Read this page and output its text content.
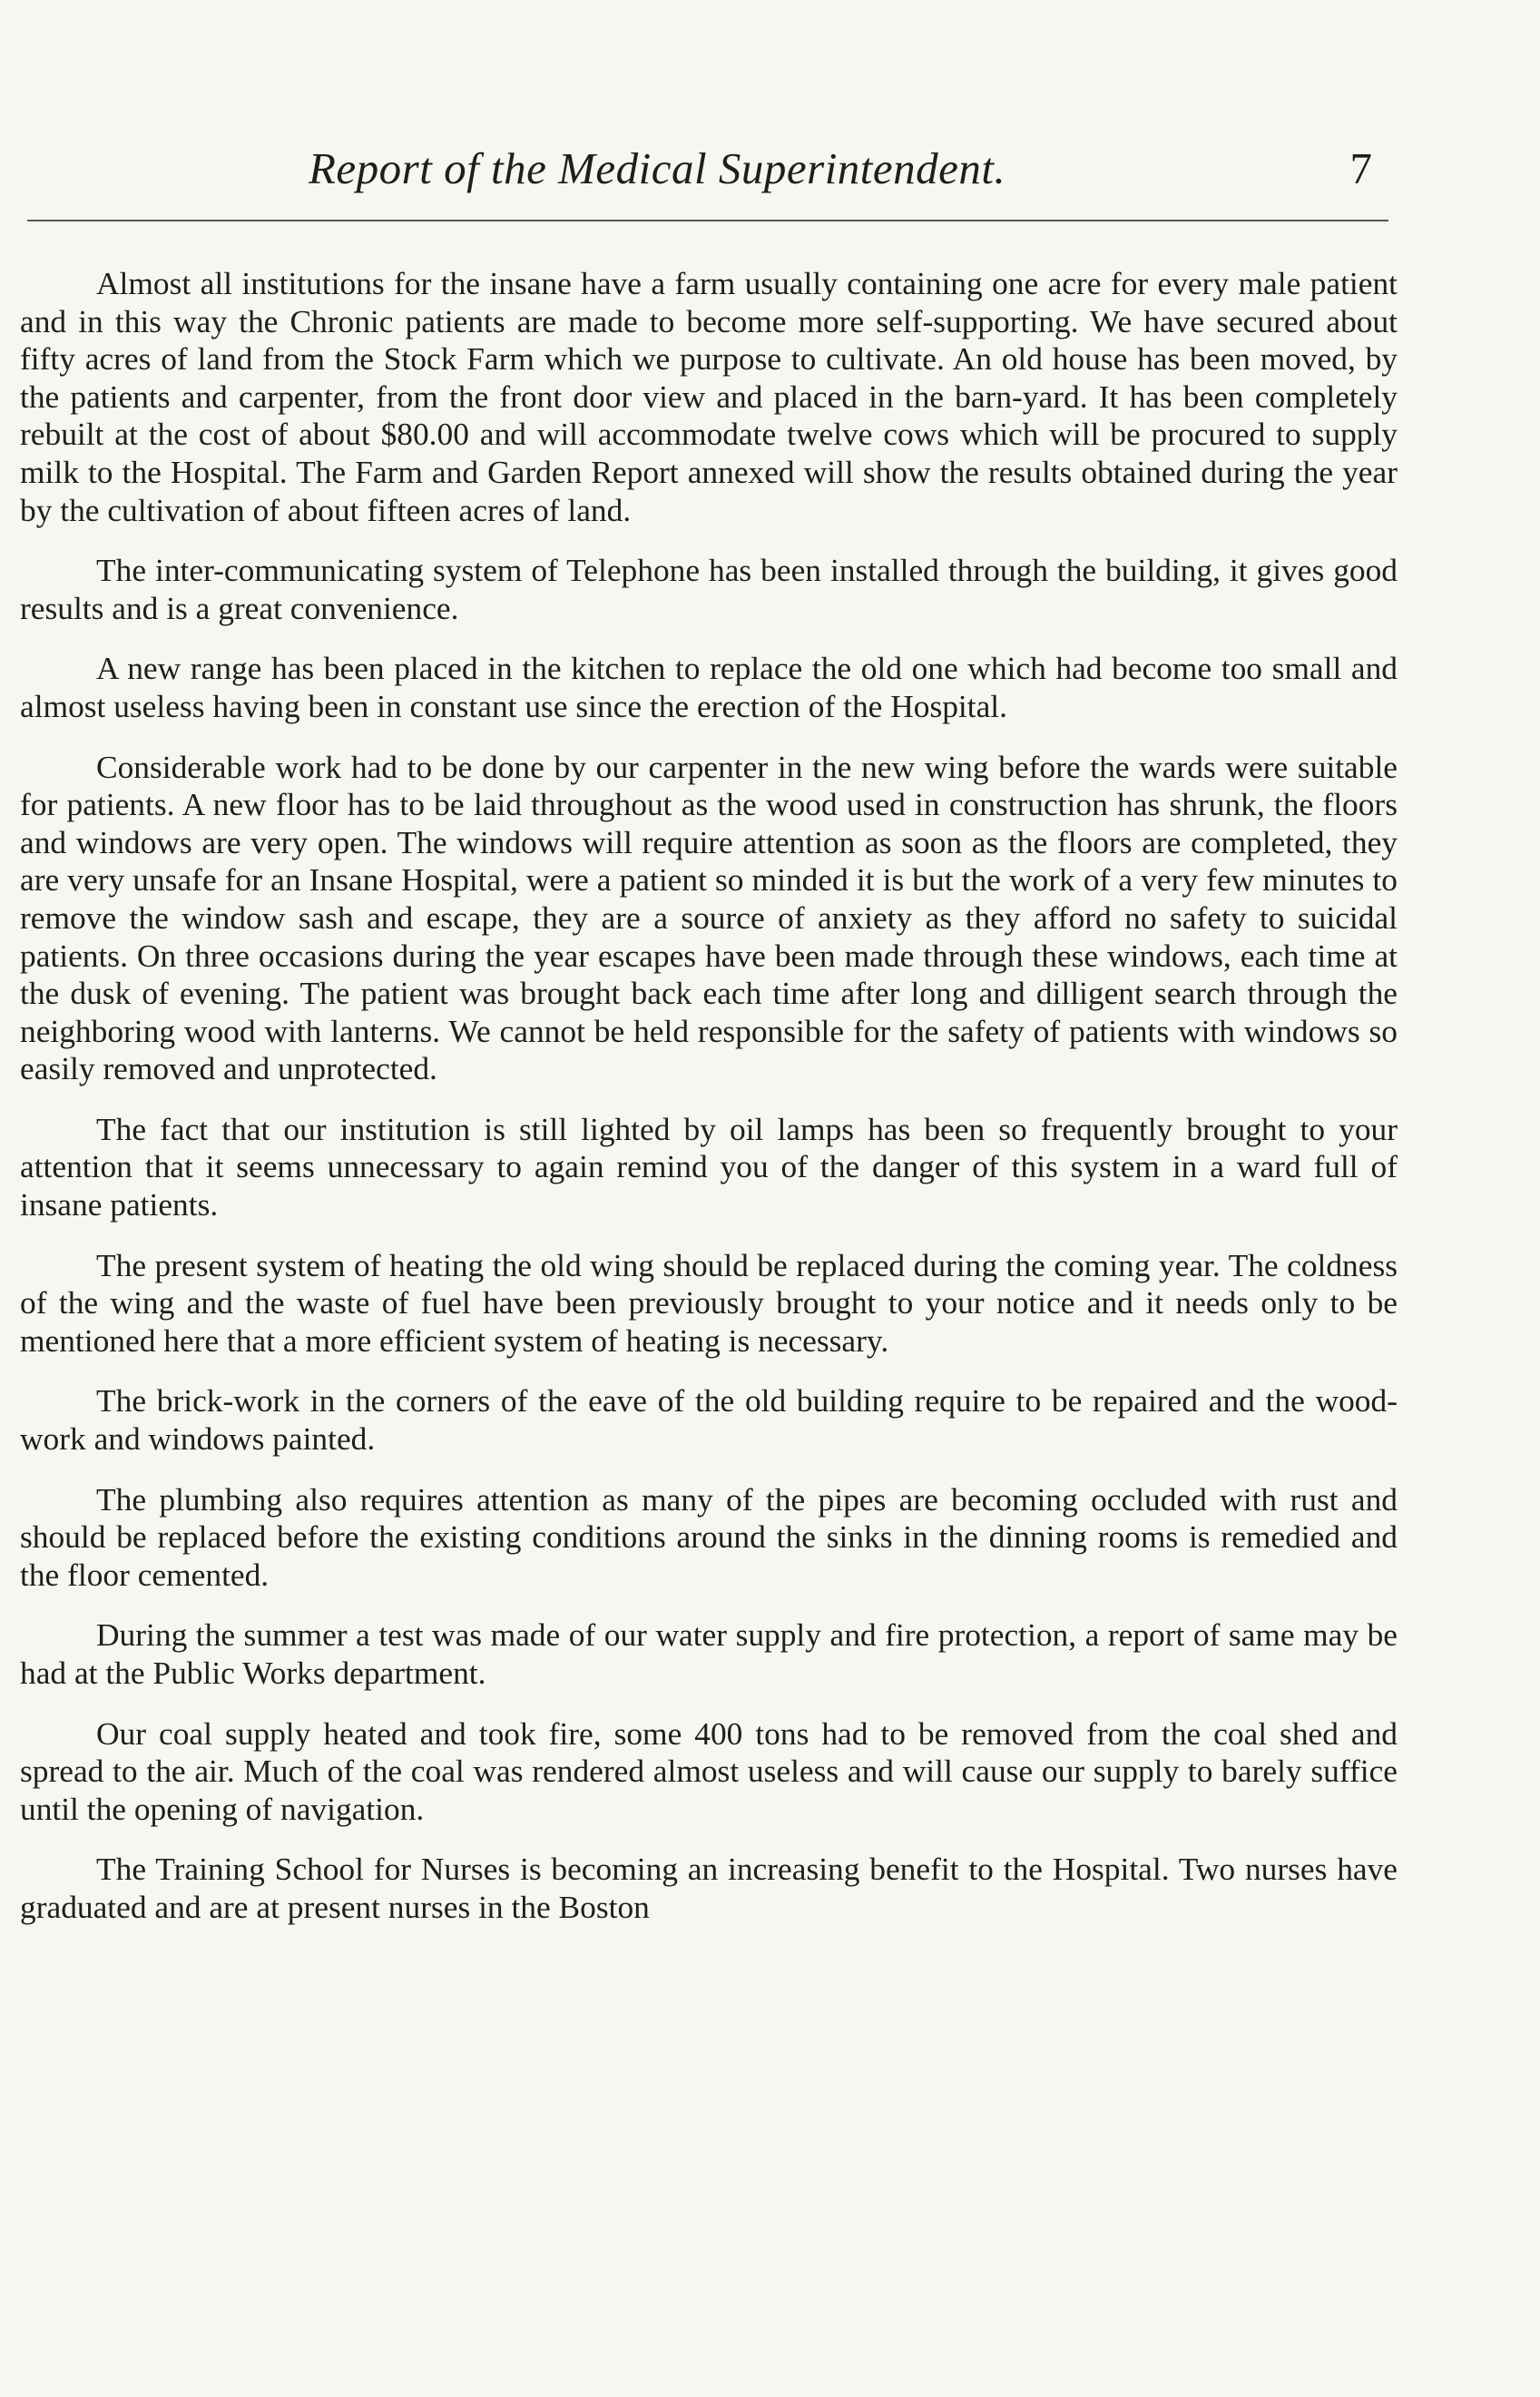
Report of the Medical Superintendent.	7

Almost all institutions for the insane have a farm usually containing one acre for every male patient and in this way the Chronic patients are made to become more self-supporting. We have secured about fifty acres of land from the Stock Farm which we purpose to cultivate. An old house has been moved, by the patients and carpenter, from the front door view and placed in the barn-yard. It has been completely rebuilt at the cost of about $80.00 and will accommodate twelve cows which will be procured to supply milk to the Hospital. The Farm and Garden Report annexed will show the results obtained during the year by the cultivation of about fifteen acres of land.

The inter-communicating system of Telephone has been installed through the building, it gives good results and is a great convenience.

A new range has been placed in the kitchen to replace the old one which had become too small and almost useless having been in constant use since the erection of the Hospital.

Considerable work had to be done by our carpenter in the new wing before the wards were suitable for patients. A new floor has to be laid throughout as the wood used in construction has shrunk, the floors and windows are very open. The windows will require attention as soon as the floors are completed, they are very unsafe for an Insane Hospital, were a patient so minded it is but the work of a very few minutes to remove the window sash and escape, they are a source of anxiety as they afford no safety to suicidal patients. On three occasions during the year escapes have been made through these windows, each time at the dusk of evening. The patient was brought back each time after long and dilligent search through the neighboring wood with lanterns. We cannot be held responsible for the safety of patients with windows so easily removed and unprotected.

The fact that our institution is still lighted by oil lamps has been so frequently brought to your attention that it seems unnecessary to again remind you of the danger of this system in a ward full of insane patients.

The present system of heating the old wing should be replaced during the coming year. The coldness of the wing and the waste of fuel have been previously brought to your notice and it needs only to be mentioned here that a more efficient system of heating is necessary.

The brick-work in the corners of the eave of the old building require to be repaired and the wood-work and windows painted.

The plumbing also requires attention as many of the pipes are becoming occluded with rust and should be replaced before the existing conditions around the sinks in the dinning rooms is remedied and the floor cemented.

During the summer a test was made of our water supply and fire protection, a report of same may be had at the Public Works department.

Our coal supply heated and took fire, some 400 tons had to be removed from the coal shed and spread to the air. Much of the coal was rendered almost useless and will cause our supply to barely suffice until the opening of navigation.

The Training School for Nurses is becoming an increasing benefit to the Hospital. Two nurses have graduated and are at present nurses in the Boston
